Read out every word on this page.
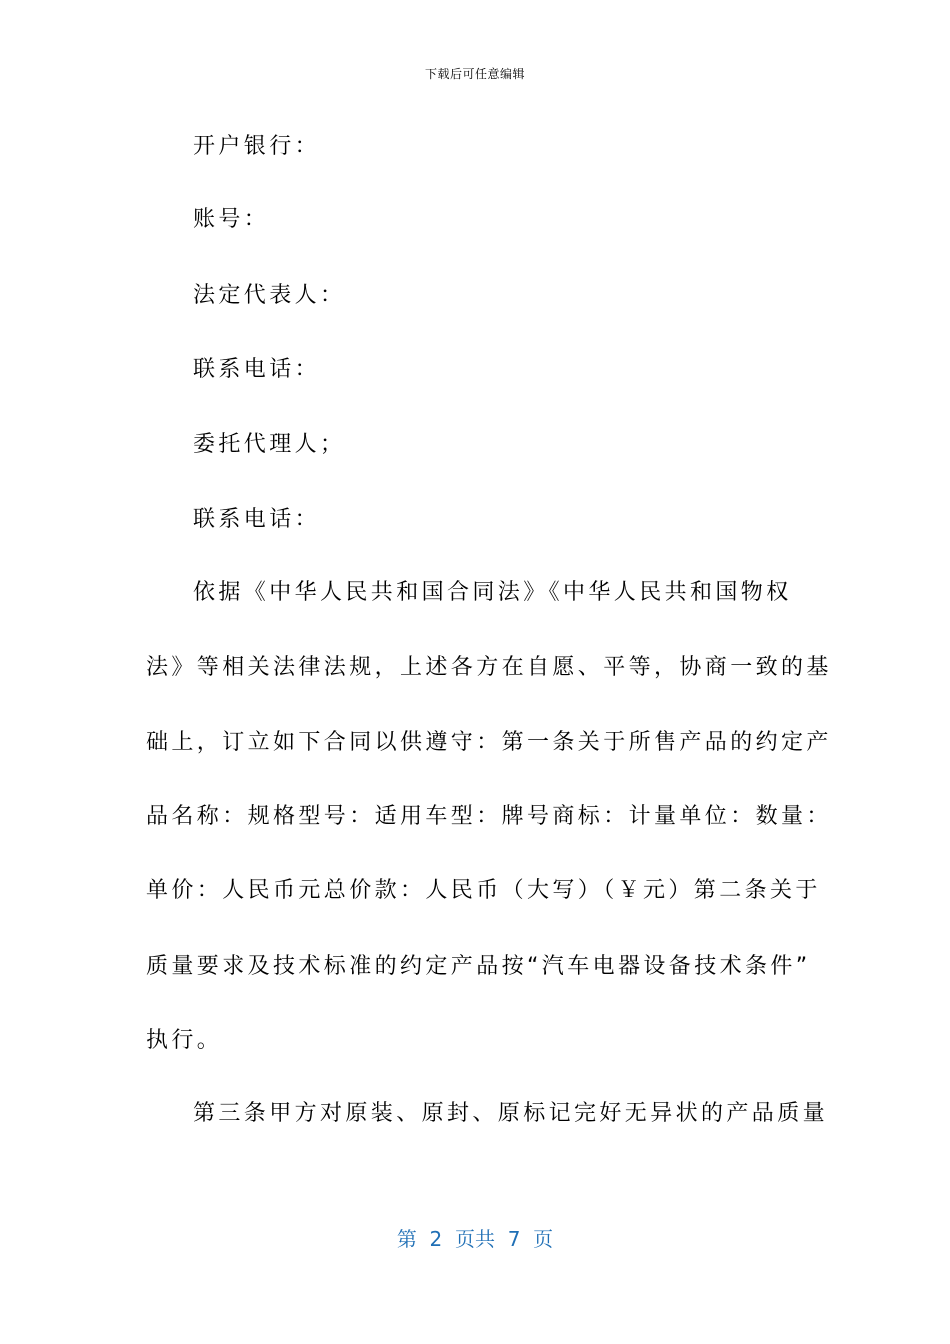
下载后可任意编辑
开户银行：
账号：
法定代表人：
联系电话：
委托代理人；
联系电话：
依据《中华人民共和国合同法》《中华人民共和国物权
法》等相关法律法规，上述各方在自愿、平等，协商一致的基
础上，订立如下合同以供遵守：第一条关于所售产品的约定产
品名称：规格型号：适用车型：牌号商标：计量单位：数量：
单价：人民币元总价款：人民币（大写）（￥元）第二条关于
质量要求及技术标准的约定产品按“汽车电器设备技术条件”
执行。
第三条甲方对原装、原封、原标记完好无异状的产品质量
第  2  页共  7  页
